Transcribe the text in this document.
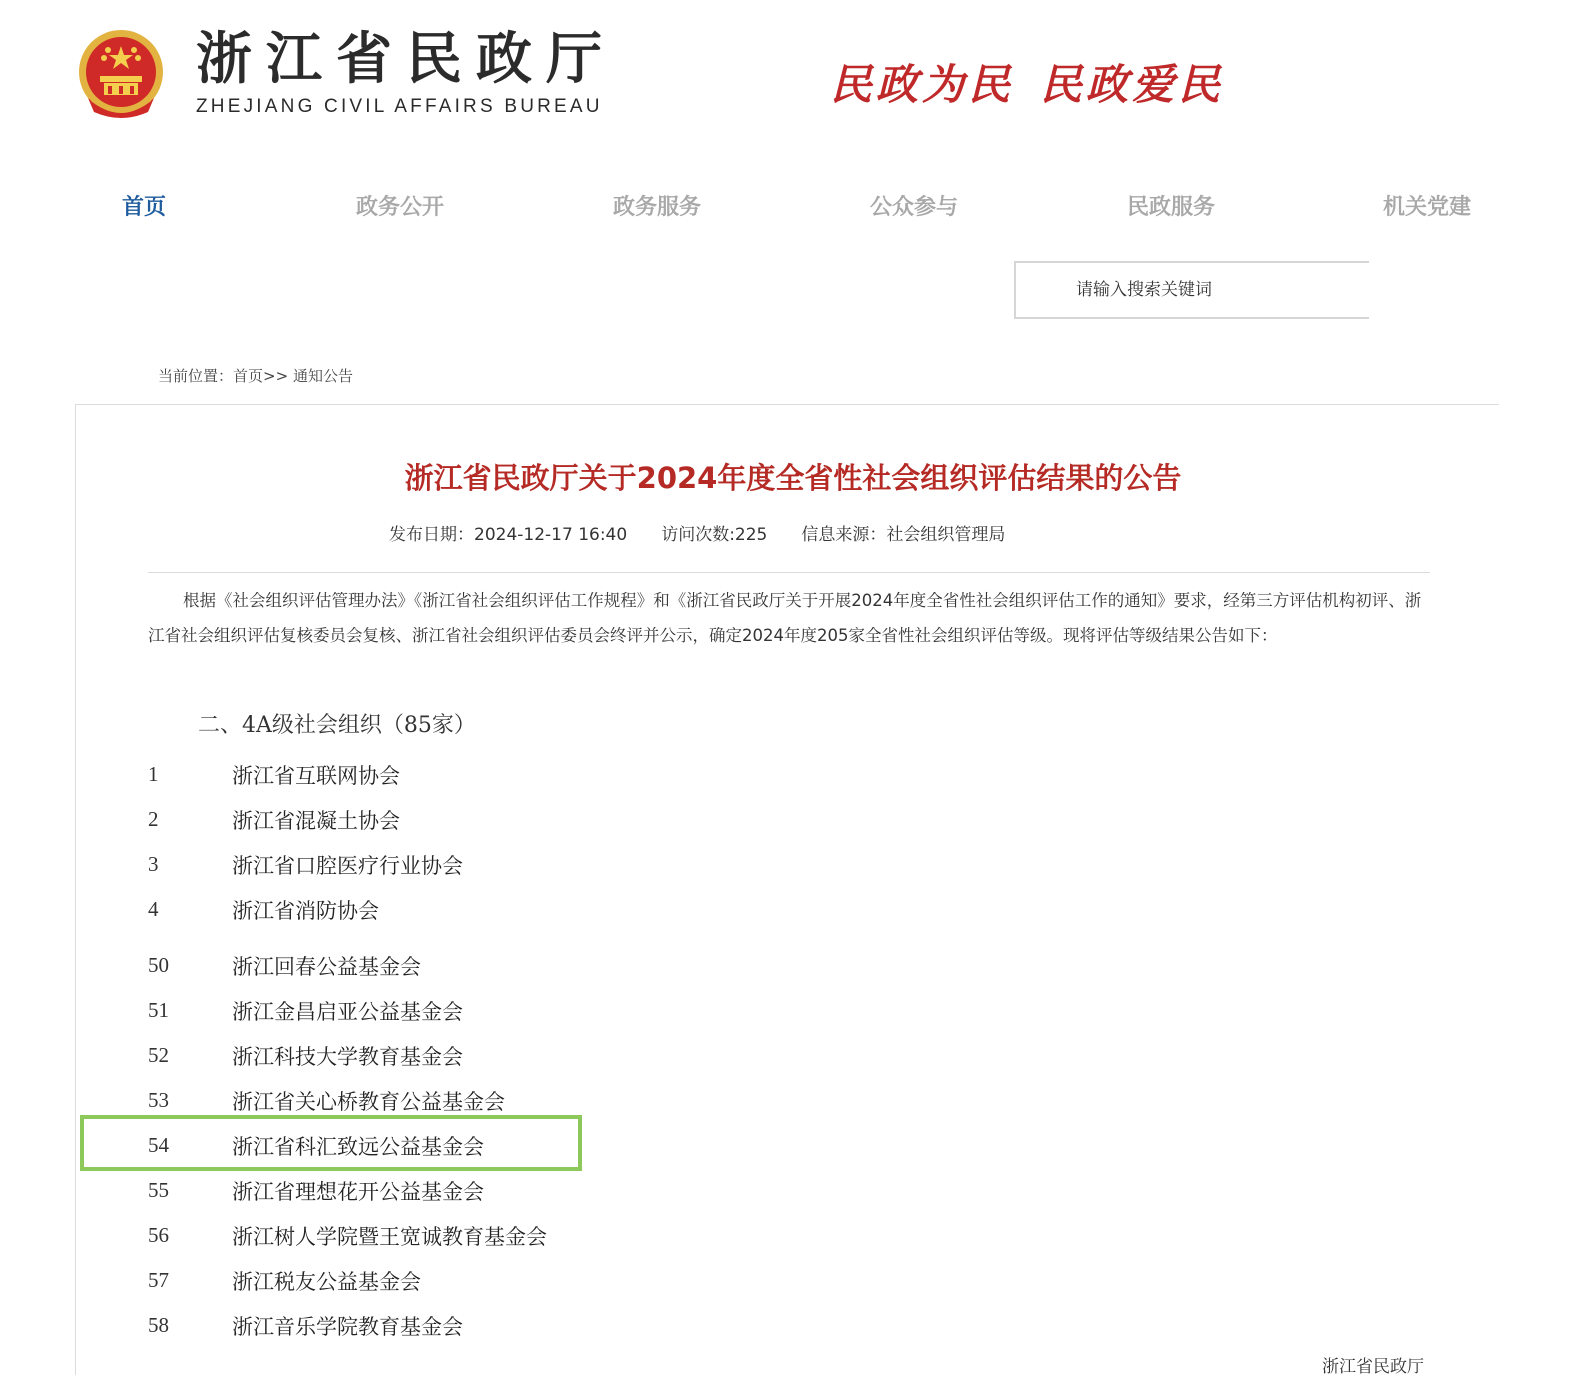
浙江省民政厅
ZHEJIANG CIVIL AFFAIRS BUREAU	民政为民 民政爱民
首页	政务公开	政务服务	公众参与	民政服务	机关党建
请输入搜索关键词
当前位置：首页>> 通知公告
浙江省民政厅关于2024年度全省性社会组织评估结果的公告
发布日期：2024-12-17 16:40 访问次数:225 信息来源：社会组织管理局
根据《社会组织评估管理办法》《浙江省社会组织评估工作规程》和《浙江省民政厅关于开展2024年度全省性社会组织评估工作的通知》要求，经第三方评估机构初评、浙江省社会组织评估复核委员会复核、浙江省社会组织评估委员会终评并公示，确定2024年度205家全省性社会组织评估等级。现将评估等级结果公告如下：
二、4A级社会组织（85家）
1	浙江省互联网协会
2	浙江省混凝土协会
3	浙江省口腔医疗行业协会
4	浙江省消防协会
50	浙江回春公益基金会
51	浙江金昌启亚公益基金会
52	浙江科技大学教育基金会
53	浙江省关心桥教育公益基金会
54	浙江省科汇致远公益基金会
55	浙江省理想花开公益基金会
56	浙江树人学院暨王宽诚教育基金会
57	浙江税友公益基金会
58	浙江音乐学院教育基金会
浙江省民政厅
